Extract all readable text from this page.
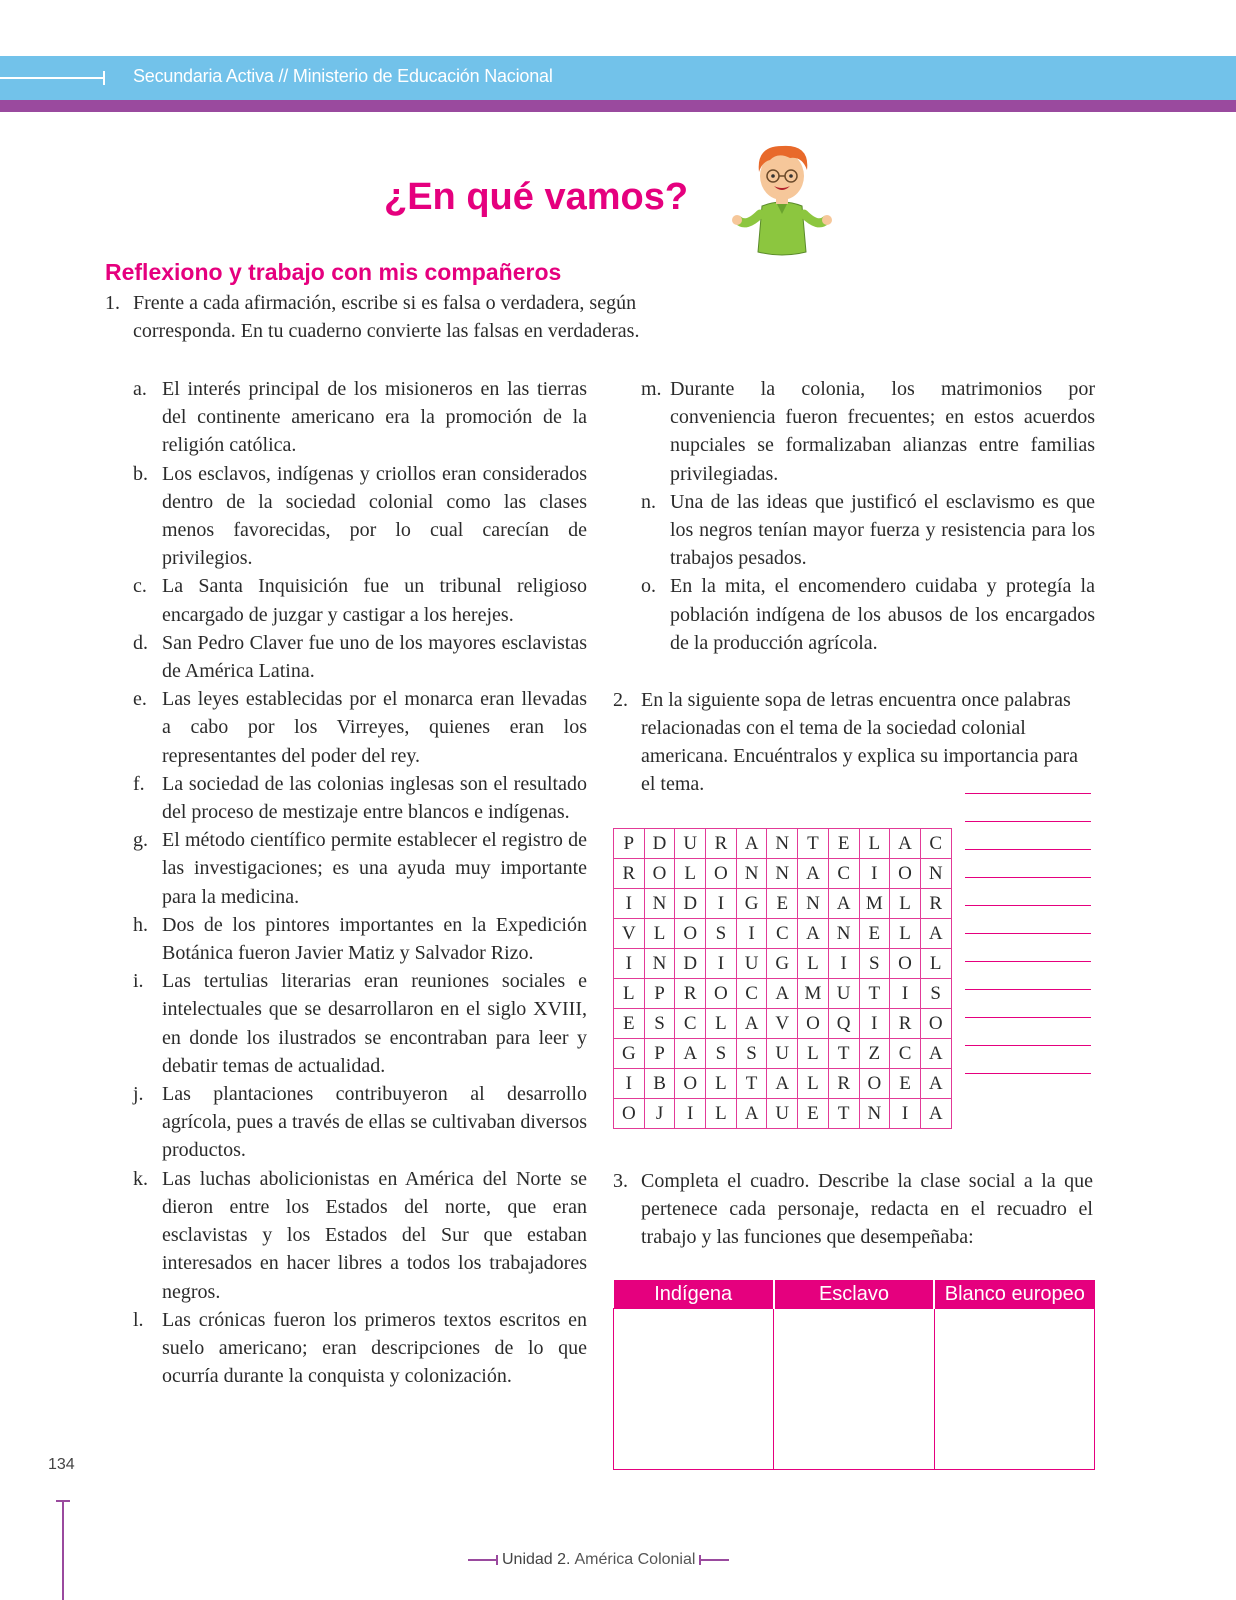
Secundaria Activa // Ministerio de Educación Nacional
¿En qué vamos?
Reflexiono y trabajo con mis compañeros
1. Frente a cada afirmación, escribe si es falsa o verdadera, según corresponda. En tu cuaderno convierte las falsas en verdaderas.
a. El interés principal de los misioneros en las tierras del continente americano era la promoción de la religión católica.
b. Los esclavos, indígenas y criollos eran considerados dentro de la sociedad colonial como las clases menos favorecidas, por lo cual carecían de privilegios.
c. La Santa Inquisición fue un tribunal religioso encargado de juzgar y castigar a los herejes.
d. San Pedro Claver fue uno de los mayores esclavistas de América Latina.
e. Las leyes establecidas por el monarca eran llevadas a cabo por los Virreyes, quienes eran los representantes del poder del rey.
f. La sociedad de las colonias inglesas son el resultado del proceso de mestizaje entre blancos e indígenas.
g. El método científico permite establecer el registro de las investigaciones; es una ayuda muy importante para la medicina.
h. Dos de los pintores importantes en la Expedición Botánica fueron Javier Matiz y Salvador Rizo.
i. Las tertulias literarias eran reuniones sociales e intelectuales que se desarrollaron en el siglo XVIII, en donde los ilustrados se encontraban para leer y debatir temas de actualidad.
j. Las plantaciones contribuyeron al desarrollo agrícola, pues a través de ellas se cultivaban diversos productos.
k. Las luchas abolicionistas en América del Norte se dieron entre los Estados del norte, que eran esclavistas y los Estados del Sur que estaban interesados en hacer libres a todos los trabajadores negros.
l. Las crónicas fueron los primeros textos escritos en suelo americano; eran descripciones de lo que ocurría durante la conquista y colonización.
m. Durante la colonia, los matrimonios por conveniencia fueron frecuentes; en estos acuerdos nupciales se formalizaban alianzas entre familias privilegiadas.
n. Una de las ideas que justificó el esclavismo es que los negros tenían mayor fuerza y resistencia para los trabajos pesados.
o. En la mita, el encomendero cuidaba y protegía la población indígena de los abusos de los encargados de la producción agrícola.
2. En la siguiente sopa de letras encuentra once palabras relacionadas con el tema de la sociedad colonial americana. Encuéntralos y explica su importancia para el tema.
P	D	U	R	A	N	T	E	L	A	C
R	O	L	O	N	N	A	C	I	O	N
I	N	D	I	G	E	N	A	M	L	R
V	L	O	S	I	C	A	N	E	L	A
I	N	D	I	U	G	L	I	S	O	L
L	P	R	O	C	A	M	U	T	I	S
E	S	C	L	A	V	O	Q	I	R	O
G	P	A	S	S	U	L	T	Z	C	A
I	B	O	L	T	A	L	R	O	E	A
O	J	I	L	A	U	E	T	N	I	A
3. Completa el cuadro. Describe la clase social a la que pertenece cada personaje, redacta en el recuadro el trabajo y las funciones que desempeñaba:
Indígena	Esclavo	Blanco europeo

134
Unidad 2. América Colonial
